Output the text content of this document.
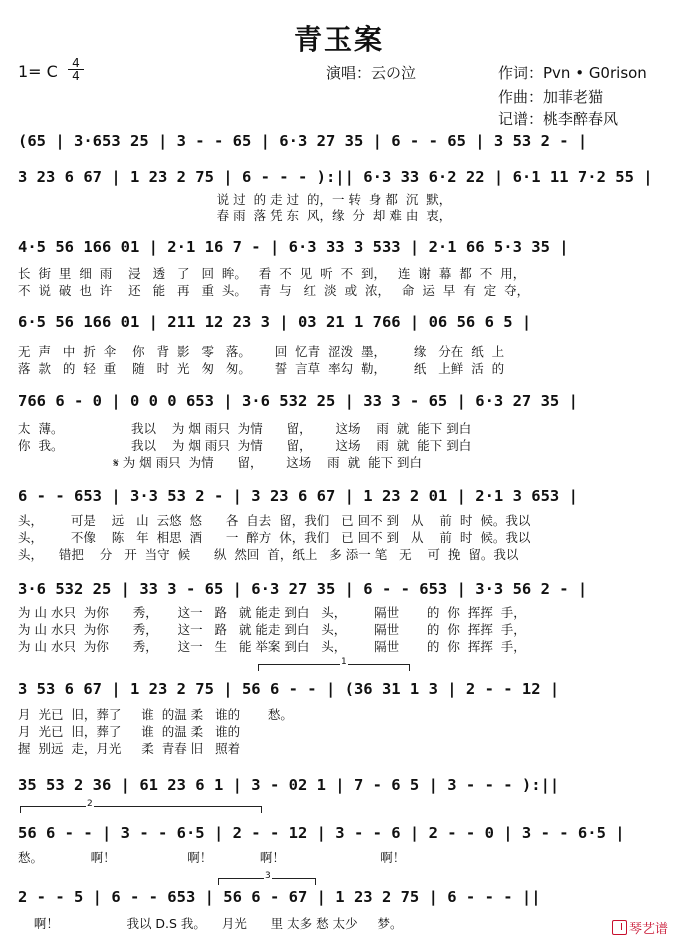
青玉案
1= C	4
4	演唱：云の泣	作词：Pvn • G0rison
作曲：加菲老猫
记谱：桃李醉春风
(65 | 3·653 25 | 3 - - 65 | 6·3 27 35 | 6 - - 65 | 3 53 2 - |
3 23 6 67 | 1 23 2 75 | 6 - - - ):|| 6·3 33 6·2 22 | 6·1 11 7·2 55 |
说 过  的 走 过  的，一 转  身 都  沉  默，
春 雨  落 凭 东  风，缘  分  却 难 由  衷，
4·5 56 166 01 | 2·1 16 7 - | 6·3 33 3 533 | 2·1 66 5·3 35 |
长  街  里  细  雨    浸   透   了   回  眸。   看  不  见  听  不  到，   连  谢  幕  都  不  用，
不  说  破  也  许    还   能   再   重  头。   青  与   红  淡  或  浓，   命  运  早  有  定  夺，
6·5 56 166 01 | 211 12 23 3 | 03 21 1 766 | 06 56 6 5 |
无  声   中  折  伞    你   背  影   零   落。      回  忆青  涩泼  墨，       缘   分在  纸  上
落  款   的  轻  重    随   时  光   匆   匆。      誓  言草  率勾  勒，       纸   上鲜  活  的
766 6 - 0 | 0 0 0 653 | 3·6 532 25 | 33 3 - 65 | 6·3 27 35 |
太  薄。                 我以    为 烟 雨只  为情      留，      这场    雨  就  能下 到白
你  我。                 我以    为 烟 雨只  为情      留，      这场    雨  就  能下 到白
𝄋 为 烟 雨只  为情      留，      这场    雨  就  能下 到白
6 - - 653 | 3·3 53 2 - | 3 23 6 67 | 1 23 2 01 | 2·1 3 653 |
头，       可是    远   山  云悠  悠      各  自去  留，我们   已 回不 到   从    前  时  候。我以
头，       不像    陈   年  相思  酒      一  醉方  休，我们   已 回不 到   从    前  时  候。我以
头，    错把    分   开  当守  候      纵  然回  首，纸上   多 添一 笔   无    可  挽  留。我以
3·6 532 25 | 33 3 - 65 | 6·3 27 35 | 6 - - 653 | 3·3 56 2 - |
为 山 水只  为你      秀，     这一   路   就 能走 到白   头，       隔世       的  你  挥挥  手，
为 山 水只  为你      秀，     这一   路   就 能走 到白   头，       隔世       的  你  挥挥  手，
为 山 水只  为你      秀，     这一   生   能 举案 到白   头，       隔世       的  你  挥挥  手，
1
3 53 6 67 | 1 23 2 75 | 56 6 - - | (36 31 1 3 | 2 - - 12 |
月  光已  旧，葬了     谁  的温 柔   谁的       愁。
月  光已  旧，葬了     谁  的温 柔   谁的
握  别远  走，月光     柔  青春 旧   照着
35 53 2 36 | 61 23 6 1 | 3 - 02 1 | 7 - 6 5 | 3 - - - ):||
2
56 6 - - | 3 - - 6·5 | 2 - - 12 | 3 - - 6 | 2 - - 0 | 3 - - 6·5 |
愁。            啊！                  啊！            啊！                        啊！
3
2 - - 5 | 6 - - 653 | 56 6 - 67 | 1 23 2 75 | 6 - - - ||
啊！                 我以 D.S 我。    月光      里 太多 愁 太少     梦。	琴艺谱
